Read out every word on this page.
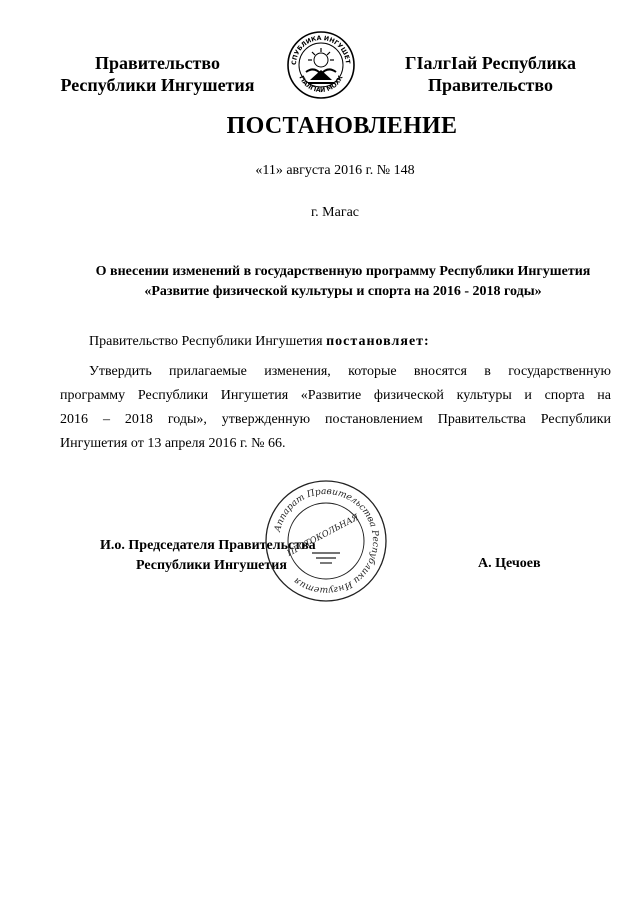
Правительство
Республики Ингушетия
СПУБЛИКА ИНГУШЕТ
ГIАЛГIАЙ МОХК
ГIалгIай Республика
Правительство
ПОСТАНОВЛЕНИЕ
«11» августа 2016 г. № 148
г. Магас
О внесении изменений в государственную программу Республики Ингушетия
«Развитие физической культуры и спорта на 2016 - 2018 годы»
Правительство Республики Ингушетия постановляет:
Утвердить прилагаемые изменения, которые вносятся в государственную
программу Республики Ингушетия «Развитие физической культуры и спорта на
2016 – 2018 годы», утвержденную постановлением Правительства Республики
Ингушетия от 13 апреля 2016 г. № 66.
И.о. Председателя Правительства
Республики Ингушетия
Аппарат Правительства Республики Ингушетия
ПРОТОКОЛЬНАЯ
А. Цечоев
